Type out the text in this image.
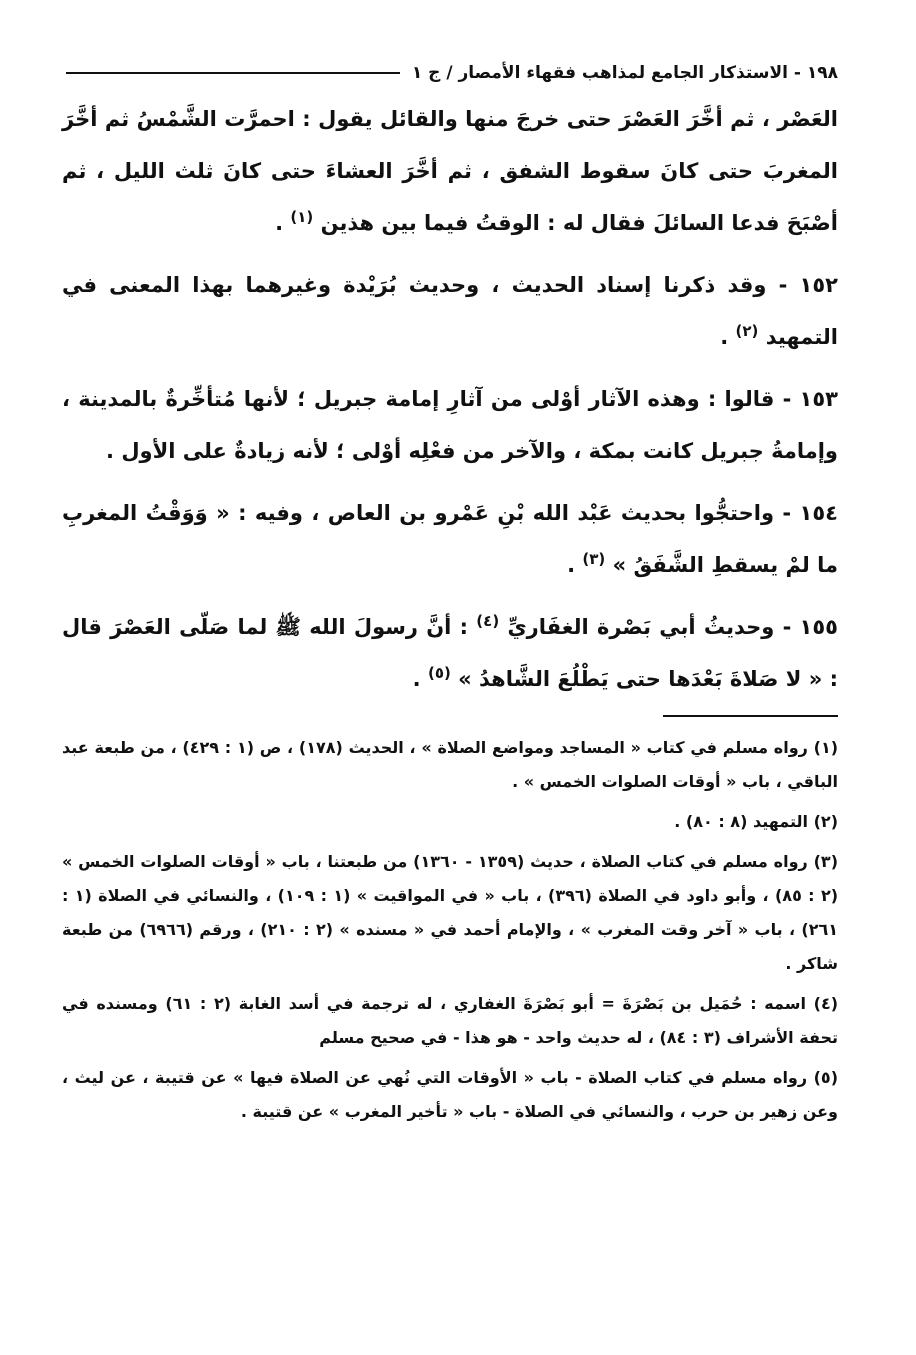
١٩٨ - الاستذكار الجامع لمذاهب فقهاء الأمصار / ج ١

العَصْر ، ثم أخَّرَ العَصْرَ حتى خرجَ منها والقائل يقول : احمرَّت الشَّمْسُ ثم أخَّرَ المغربَ حتى كانَ سقوط الشفق ، ثم أخَّرَ العشاءَ حتى كانَ ثلث الليل ، ثم أصْبَحَ فدعا السائلَ فقال له : الوقتُ فيما بين هذين $^{(١)}$ .

١٥٢ - وقد ذكرنا إسناد الحديث ، وحديث بُرَيْدة وغيرهما بهذا المعنى في التمهيد $^{(٢)}$ .

١٥٣ - قالوا : وهذه الآثار أوْلى من آثارِ إمامة جبريل ؛ لأنها مُتأخِّرةٌ بالمدينة ، وإمامةُ جبريل كانت بمكة ، والآخر من فعْلِه أوْلى ؛ لأنه زيادةٌ على الأول .

١٥٤ - واحتجُّوا بحديث عَبْد الله بْنِ عَمْرو بن العاص ، وفيه : « وَوَقْتُ المغربِ ما لمْ يسقطِ الشَّفَقُ » $^{(٣)}$ .

١٥٥ - وحديثُ أبي بَصْرة الغفَاريِّ $^{(٤)}$ : أنَّ رسولَ الله ﷺ لما صَلّى العَصْرَ قال : « لا صَلاةَ بَعْدَها حتى يَطْلُعَ الشَّاهدُ » $^{(٥)}$ .

(١) رواه مسلم في كتاب « المساجد ومواضع الصلاة » ، الحديث (١٧٨) ، ص (١ : ٤٢٩) ، من طبعة عبد الباقي ، باب « أوقات الصلوات الخمس » .

(٢) التمهيد (٨ : ٨٠) .

(٣) رواه مسلم في كتاب الصلاة ، حديث (١٣٥٩ - ١٣٦٠) من طبعتنا ، باب « أوقات الصلوات الخمس » (٢ : ٨٥) ، وأبو داود في الصلاة (٣٩٦) ، باب « في المواقيت » (١ : ١٠٩) ، والنسائي في الصلاة (١ : ٢٦١) ، باب « آخر وقت المغرب » ، والإمام أحمد في « مسنده » (٢ : ٢١٠) ، ورقم (٦٩٦٦) من طبعة شاكر .

(٤) اسمه : حُمَيل بن بَصْرَةَ = أبو بَصْرَةَ الغفاري ، له ترجمة في أسد الغابة (٢ : ٦١) ومسنده في تحفة الأشراف (٣ : ٨٤) ، له حديث واحد - هو هذا - في صحيح مسلم

(٥) رواه مسلم في كتاب الصلاة - باب « الأوقات التي نُهي عن الصلاة فيها » عن قتيبة ، عن ليث ، وعن زهير بن حرب ، والنسائي في الصلاة - باب « تأخير المغرب » عن قتيبة .
